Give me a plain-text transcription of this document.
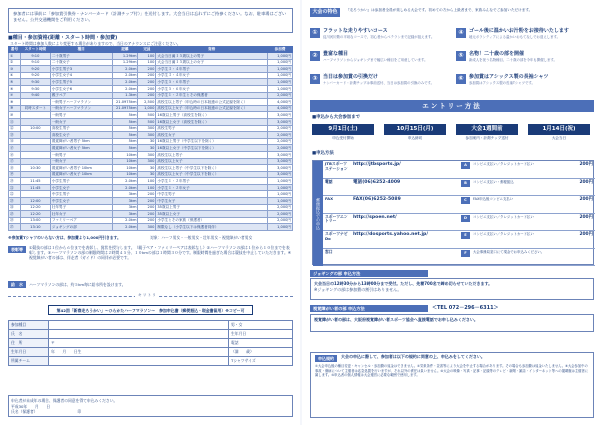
参加者には事前に「参加賞引換券・ナンバーカード（計測チップ付）」を送付します。大会当日は忘れずにご持参ください。なお、駐車場はございません。公共交通機関をご利用ください。
■種目・参加資格(距離・スタート時間・参加費)
スタート時間は参加人数により変更する場合がありますので、当日のアナウンスにご注意ください。
番号	スタート時間	種目	距離	定員	資格	参加費
①	9:10	二十歳男子	1.29km	100	大会当日満１５歳以上の男子	1,000円
②	9:10	二十歳女子	1.29km	100	大会当日満１５歳以上の女子	1,000円
③	9:20	小学生男子3	2.0km	200	小学生３・４年男子	1,000円
④	9:20	小学生女子4	2.0km	200	小学生３・４年女子	1,000円
⑤	9:30	小学生男子5	2.0km	200	小学生５・６年男子	1,000円
⑥	9:30	小学生女子6	2.0km	200	小学生５・６年女子	1,000円
⑦	9:40	親子ペア	1.3km	200	小学生１・２年生とその保護者	2,000円
⑧		一般男子ハーフマラソン	21.0975km	2,500	高校生以上男子（申込時の日本陸連の公式記録を除く）	4,000円
⑨	同時スタート	一般女子ハーフマラソン	21.0975km	1,000	高校生以上女子（申込時の日本陸連の公式記録を除く）	4,000円
⑩		一般男子	5km	500	16歳以上男子（高校生を除く）	3,000円
⑪		一般女子	5km	500	16歳以上女子（高校生を除く）	3,000円
⑫	10:00	高校生男子	5km	300	高校生男子	2,000円
⑬		高校生女子	5km	300	高校生女子	2,000円
⑭		視覚障がい者男子 5km	5km	30	16歳以上男子（中学生以下を除く）	2,000円
⑮		視覚障がい者女子 5km	5km	30	16歳以上女子（中学生以下を除く）	2,000円
⑯		一般男子	10km	300	高校生以上男子	3,000円
⑰		一般女子	10km	300	高校生以上女子	3,000円
⑱	10:30	視覚障がい者男子 10km	10km	30	高校生以上男子（中学生以下を除く）	3,000円
⑲		視覚障がい者女子 10km	10km	30	高校生以上女子（中学生以下を除く）	3,000円
⑳	11:45	小学生男子	2.0km	100	小学生１・２年男子	1,000円
㉑	11:45	小学生女子	2.0km	100	小学生１・２年女子	1,000円
㉒		中学生男子	3km	200	中学生男子	1,000円
㉓	12:00	中学生女子	3km	200	中学生女子	1,000円
㉔	12:20	壮年男子	3km	200	35歳以上男子	2,000円
㉕	12:20	壮年女子	3km	200	35歳以上女子	2,000円
㉖	13:00	ファミリーペア	2.0km	200	小学生とその家族（保護者）	2,000円
㉗	13:10	ジョギングの部	2.0km	300	制限なし（小学生以下は保護者同伴）	1,000円
※参加賞Tシャツのいらない方は、参加費より1,000円引きます。	対象：ハーフ男女・一般男女・壮年男女・視覚障がい者男女
表彰等	①競技の部は１位から６位までを表彰し、賞状を授与します。（親子ペア・ファミリーペアは表彰なし）②ハーフマラソンの部は１位から１０位までを表彰します。③ハーフマラソンの部の制限時間は２時間４５分、１０kmの部は１時間３０分です。制限時間を過ぎた場合は競技を中止していただきます。④視覚障がい者の部は、伴走者（ガイド）の同伴が必要です。
給　水	ハーフマラソンの部は、約５km毎に給水所を設けます。
キ リ ト リ
第42回「新春走ろうかい」～ひらかたハーフマラソン～　参加申込書（郵便振込・現金書留用）※コピー可
参加種目		男・女
氏　名		生年月日
住　所	〒	電話
生年月日	年　　月　　日生	（満　　歳）
所属チーム		Tシャツサイズ
申込者が未成年の場合、保護者の同意を得て申込みください。
平成30年　　月　　日
氏名（保護者）　　　　　　　　　　　印
大会の特色	『走ろうかい』は参加者全員が楽しめる大会です。初めての方から上級者まで、家族みんなでご参加いただけます。
①	フラットな走りやすいコース
淀川河川敷の平坦なコースで、初心者からベテランまで記録が狙えます。
④	ゴール後に温かいお汁粉をお接待いたします
地元ボランティアによる温かいおもてなしでお迎えします。
②	豊富な種目
ハーフマラソンからジョギングまで幅広い種目をご用意しています。
⑤	名物！二十歳の部を開催
新成人を祝う名物種目、二十歳の部を今年も開催します。
③	当日は参加賞の引換だけ
ナンバーカード・計測チップは事前送付、当日は参加賞の引換のみです。
⑥	参加賞はアシックス製の長袖シャツ
参加賞はアシックス製の長袖Tシャツです。
エントリー方法
■申込から大会参加まで
9月1日(土)
申込受付開始
10月15日(月)
申込締切
大会1週間前
参加案内・計測チップ送付
1月14日(祝)
大会当日
■申込方法
郵便振込での申込
JTBスポーツステーション
http://jtbsports.jp/	A	コンビニ支払い／クレジットカード払い	200円
電話	電話(06)6252-4009	B	コンビニ支払い・郵便振込	200円
FAX	FAX(06)6252-5089	C	FAX申込後コンビニ支払い	200円
スポーツエントリー
http://spoen.net/	D	コンビニ支払い／クレジットカード払い	200円
スポーツナビDo
http://dosports.yahoo.net.jp/	E	コンビニ支払い／クレジットカード払い	200円
窓口	F	大会事務局窓口にて現金でお申込みください。
ジョギングの部 申込方法
大会当日の12時30分から13時00分まで受付。ただし、先着700名で締め切らせていただきます。
※ジョギングの部は参加費の割引はありません。
視覚障がい者の部 申込方法	＜TEL 072－296－6311＞
視覚障がい者の部は、大阪府視覚障がい者スポーツ協会へ直接電話でお申し込みください。
申込規約	大会の申込に際して、参加者は以下の規約に同意の上、申込みをしてください。
①大会申込後の種目変更・キャンセル・参加費の返金はできません。②気象条件・災害等により大会を中止する場合があります。その場合も参加費は返金いたしません。③大会参加中の事故・傷病について主催者は応急処置を行いますが、それ以外の責任は負いません。④大会の映像・写真・記事・記録等のテレビ・新聞・雑誌・インターネット等への掲載権は主催者に属します。⑤申込者の個人情報は大会運営に必要な範囲で使用します。
